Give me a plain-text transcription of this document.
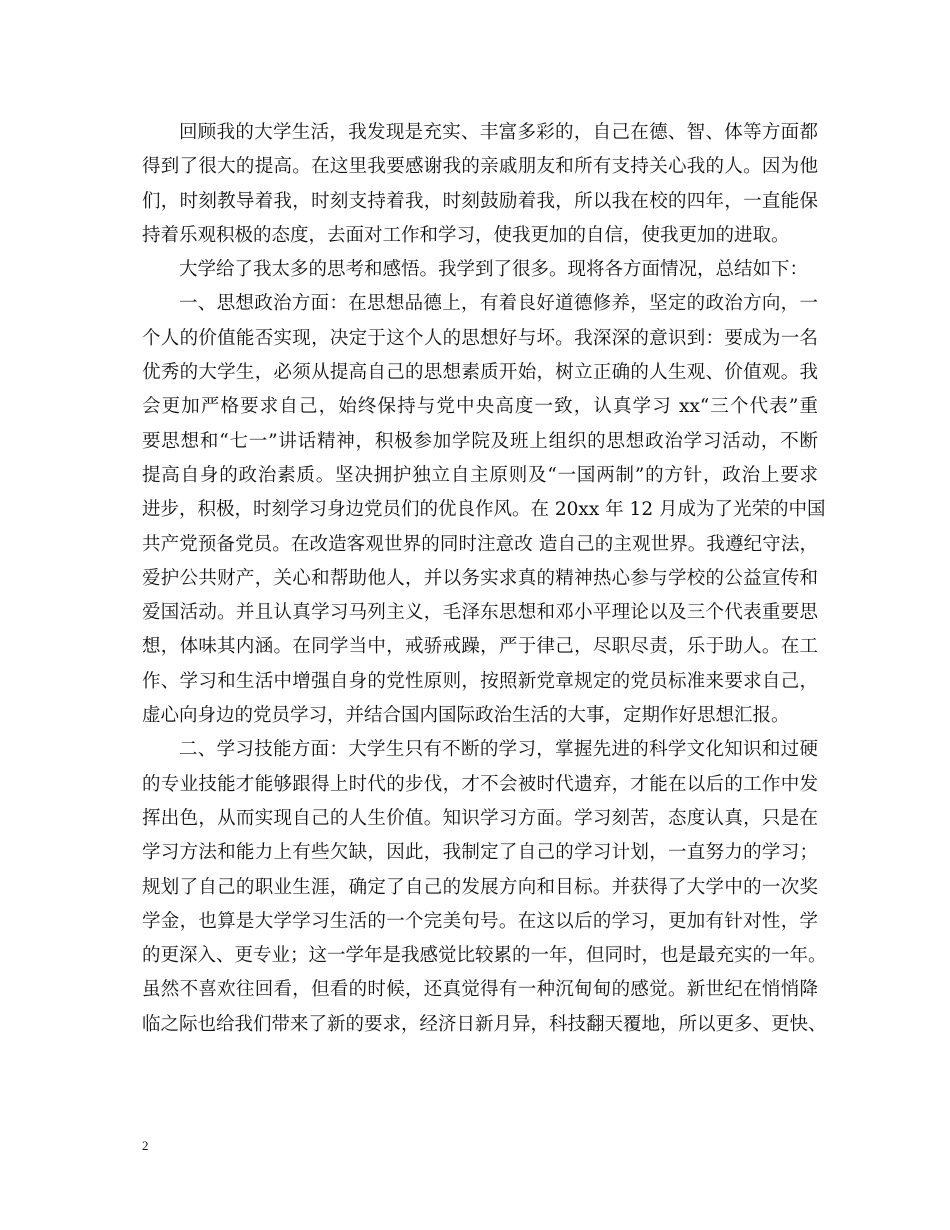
回顾我的大学生活，我发现是充实、丰富多彩的，自己在德、智、体等方面都
得到了很大的提高。在这里我要感谢我的亲戚朋友和所有支持关心我的人。因为他
们，时刻教导着我，时刻支持着我，时刻鼓励着我，所以我在校的四年，一直能保
持着乐观积极的态度，去面对工作和学习，使我更加的自信，使我更加的进取。
大学给了我太多的思考和感悟。我学到了很多。现将各方面情况，总结如下：
一、思想政治方面：在思想品德上，有着良好道德修养，坚定的政治方向，一
个人的价值能否实现，决定于这个人的思想好与坏。我深深的意识到：要成为一名
优秀的大学生，必须从提高自己的思想素质开始，树立正确的人生观、价值观。我
会更加严格要求自己，始终保持与党中央高度一致，认真学习 xx“三个代表”重
要思想和“七一”讲话精神，积极参加学院及班上组织的思想政治学习活动，不断
提高自身的政治素质。坚决拥护独立自主原则及“一国两制”的方针，政治上要求
进步，积极，时刻学习身边党员们的优良作风。在 20xx 年 12 月成为了光荣的中国
共产党预备党员。在改造客观世界的同时注意改 造自己的主观世界。我遵纪守法，
爱护公共财产，关心和帮助他人，并以务实求真的精神热心参与学校的公益宣传和
爱国活动。并且认真学习马列主义，毛泽东思想和邓小平理论以及三个代表重要思
想，体味其内涵。在同学当中，戒骄戒躁，严于律己，尽职尽责，乐于助人。在工
作、学习和生活中增强自身的党性原则，按照新党章规定的党员标准来要求自己，
虚心向身边的党员学习，并结合国内国际政治生活的大事，定期作好思想汇报。
二、学习技能方面：大学生只有不断的学习，掌握先进的科学文化知识和过硬
的专业技能才能够跟得上时代的步伐，才不会被时代遗弃，才能在以后的工作中发
挥出色，从而实现自己的人生价值。知识学习方面。学习刻苦，态度认真，只是在
学习方法和能力上有些欠缺，因此，我制定了自己的学习计划，一直努力的学习；
规划了自己的职业生涯，确定了自己的发展方向和目标。并获得了大学中的一次奖
学金，也算是大学学习生活的一个完美句号。在这以后的学习，更加有针对性，学
的更深入、更专业；这一学年是我感觉比较累的一年，但同时，也是最充实的一年。
虽然不喜欢往回看，但看的时候，还真觉得有一种沉甸甸的感觉。新世纪在悄悄降
临之际也给我们带来了新的要求，经济日新月异，科技翻天覆地，所以更多、更快、
2
